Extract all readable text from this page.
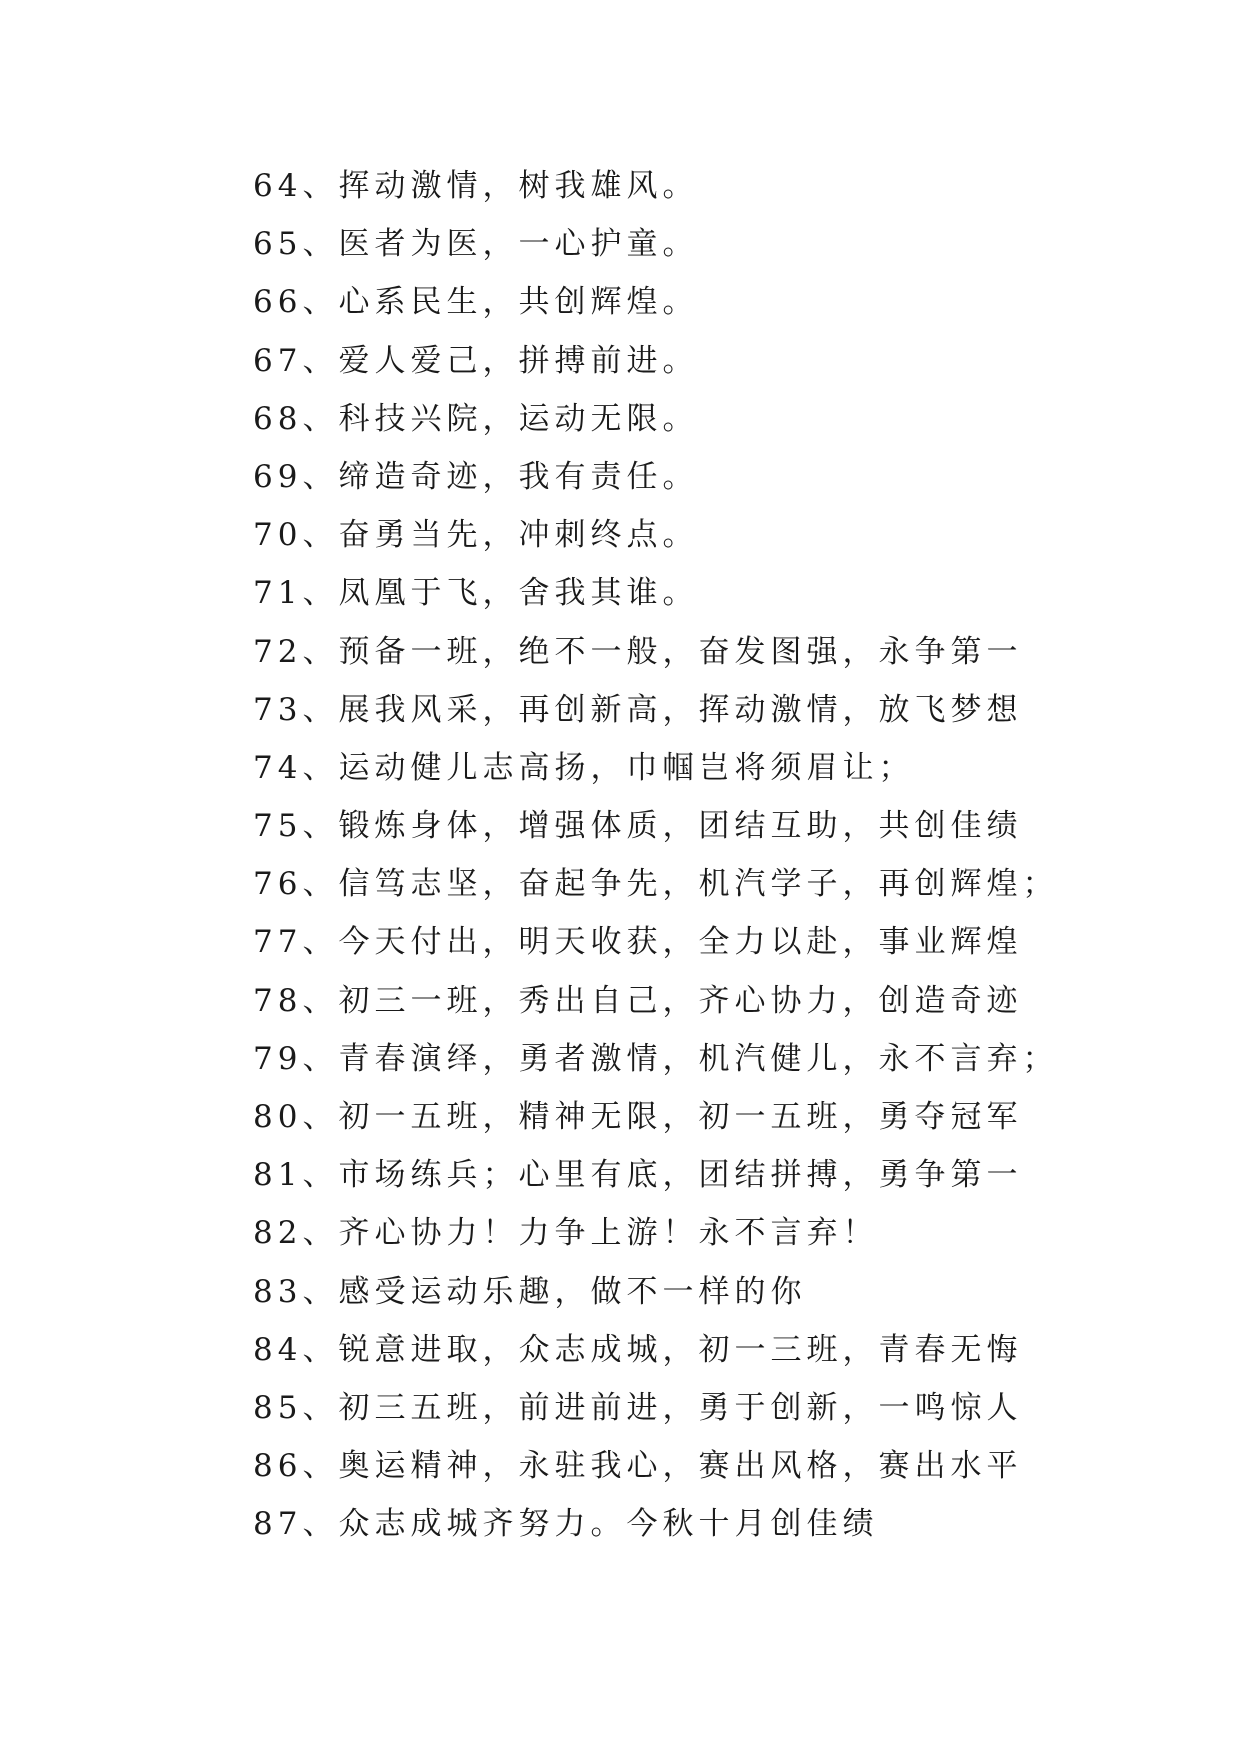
64、挥动激情，树我雄风。
65、医者为医，一心护童。
66、心系民生，共创辉煌。
67、爱人爱己，拼搏前进。
68、科技兴院，运动无限。
69、缔造奇迹，我有责任。
70、奋勇当先，冲刺终点。
71、凤凰于飞，舍我其谁。
72、预备一班，绝不一般，奋发图强，永争第一
73、展我风采，再创新高，挥动激情，放飞梦想
74、运动健儿志高扬，巾帼岂将须眉让；
75、锻炼身体，增强体质，团结互助，共创佳绩
76、信笃志坚，奋起争先，机汽学子，再创辉煌；
77、今天付出，明天收获，全力以赴，事业辉煌
78、初三一班，秀出自己，齐心协力，创造奇迹
79、青春演绎，勇者激情，机汽健儿，永不言弃；
80、初一五班，精神无限，初一五班，勇夺冠军
81、市场练兵；心里有底，团结拼搏，勇争第一
82、齐心协力！力争上游！永不言弃！
83、感受运动乐趣，做不一样的你
84、锐意进取，众志成城，初一三班，青春无悔
85、初三五班，前进前进，勇于创新，一鸣惊人
86、奥运精神，永驻我心，赛出风格，赛出水平
87、众志成城齐努力。今秋十月创佳绩
